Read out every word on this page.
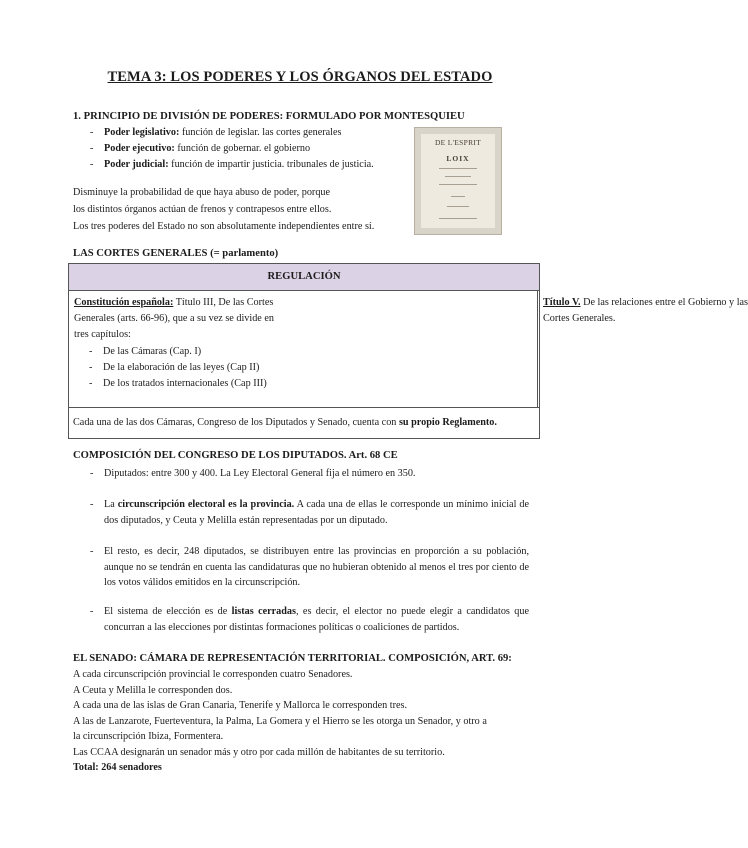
TEMA 3: LOS PODERES Y LOS ÓRGANOS DEL ESTADO
1. PRINCIPIO DE DIVISIÓN DE PODERES: FORMULADO POR MONTESQUIEU
- Poder legislativo: función de legislar. las cortes generales
- Poder ejecutivo: función de gobernar. el gobierno
- Poder judicial: función de impartir justicia. tribunales de justicia.
Disminuye la probabilidad de que haya abuso de poder, porque
los distintos órganos actúan de frenos y contrapesos entre ellos.
Los tres poderes del Estado no son absolutamente independientes entre sí.
DE L'ESPRIT
LOIX
LAS CORTES GENERALES (= parlamento)
REGULACIÓN

Constitución española: Título III, De las Cortes
Generales (arts. 66-96), que a su vez se divide en
tres capítulos:
- De las Cámaras (Cap. I)
- De la elaboración de las leyes (Cap II)
- De los tratados internacionales (Cap III)

Título V. De las relaciones entre el Gobierno y las
Cortes Generales.

Cada una de las dos Cámaras, Congreso de los Diputados y Senado, cuenta con su propio Reglamento.
COMPOSICIÓN DEL CONGRESO DE LOS DIPUTADOS. Art. 68 CE
- Diputados: entre 300 y 400. La Ley Electoral General fija el número en 350.
- La circunscripción electoral es la provincia. A cada una de ellas le corresponde un mínimo inicial de dos diputados, y Ceuta y Melilla están representadas por un diputado.
- El resto, es decir, 248 diputados, se distribuyen entre las provincias en proporción a su población, aunque no se tendrán en cuenta las candidaturas que no hubieran obtenido al menos el tres por ciento de los votos válidos emitidos en la circunscripción.
- El sistema de elección es de listas cerradas, es decir, el elector no puede elegir a candidatos que concurran a las elecciones por distintas formaciones políticas o coaliciones de partidos.
EL SENADO: CÁMARA DE REPRESENTACIÓN TERRITORIAL. COMPOSICIÓN, ART. 69:
A cada circunscripción provincial le corresponden cuatro Senadores.
A Ceuta y Melilla le corresponden dos.
A cada una de las islas de Gran Canaria, Tenerife y Mallorca le corresponden tres.
A las de Lanzarote, Fuerteventura, la Palma, La Gomera y el Hierro se les otorga un Senador, y otro a
la circunscripción Ibiza, Formentera.
Las CCAA designarán un senador más y otro por cada millón de habitantes de su territorio.
Total: 264 senadores
